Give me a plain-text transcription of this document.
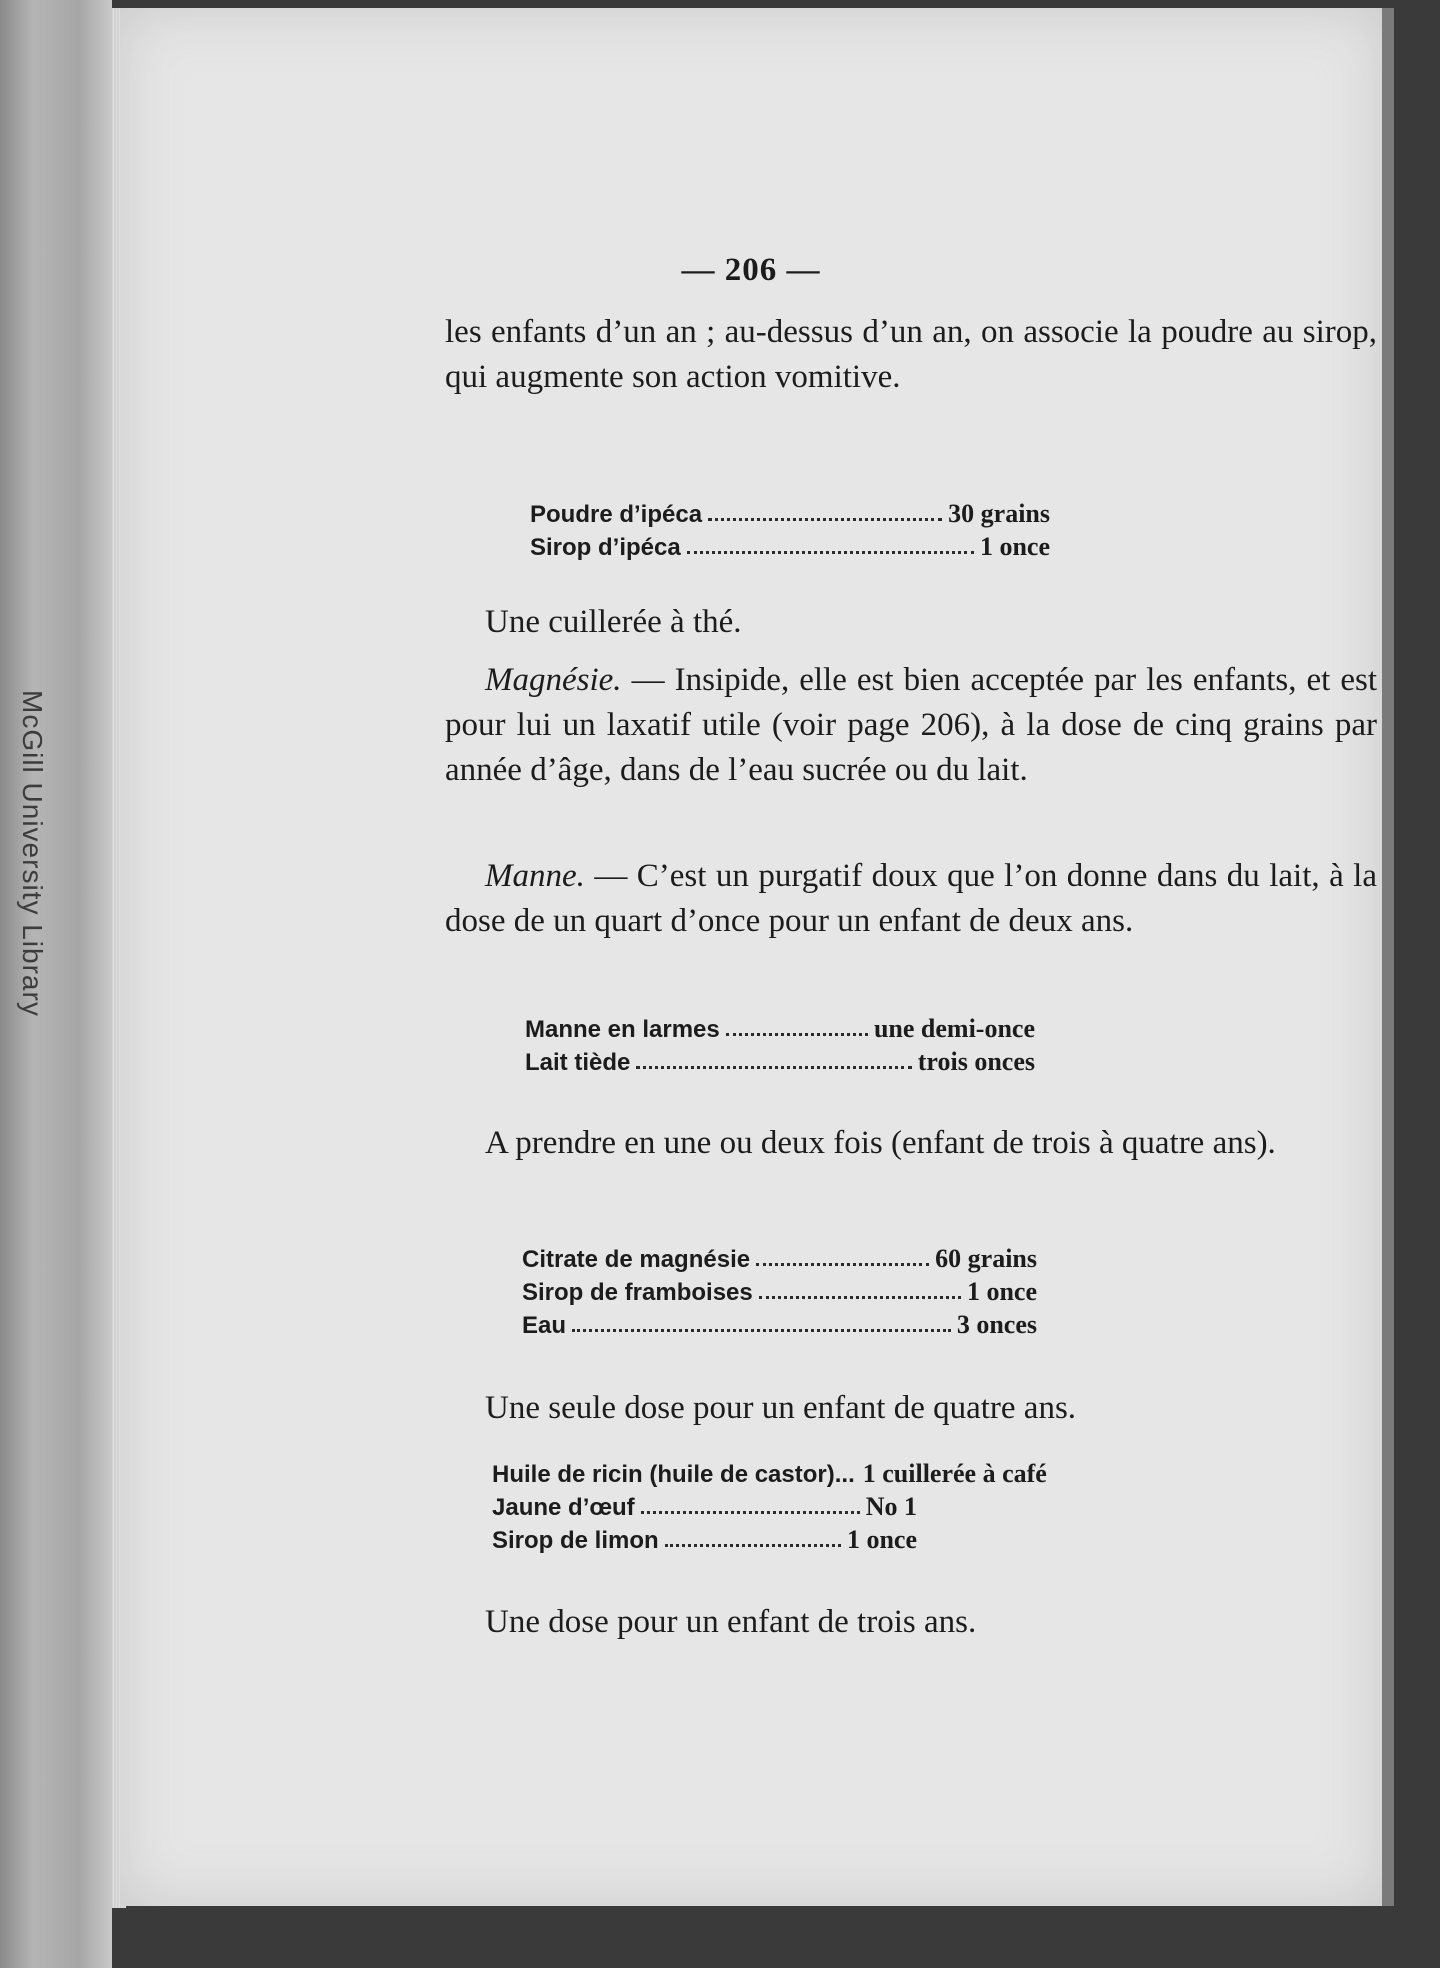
McGill University Library
— 206 —

les enfants d’un an ; au-dessus d’un an, on associe la poudre au sirop, qui augmente son action vomitive.

Poudre d’ipéca	30 grains
Sirop d’ipéca	1 once

Une cuillerée à thé.

Magnésie. — Insipide, elle est bien acceptée par les enfants, et est pour lui un laxatif utile (voir page 206), à la dose de cinq grains par année d’âge, dans de l’eau sucrée ou du lait.

Manne. — C’est un purgatif doux que l’on donne dans du lait, à la dose de un quart d’once pour un enfant de deux ans.

Manne en larmes	une demi-once
Lait tiède	trois onces

A prendre en une ou deux fois (enfant de trois à quatre ans).

Citrate de magnésie	60 grains
Sirop de framboises	1 once
Eau	3 onces

Une seule dose pour un enfant de quatre ans.

Huile de ricin (huile de castor)... 1 cuillerée à café
Jaune d’œuf	No 1
Sirop de limon	1 once

Une dose pour un enfant de trois ans.
